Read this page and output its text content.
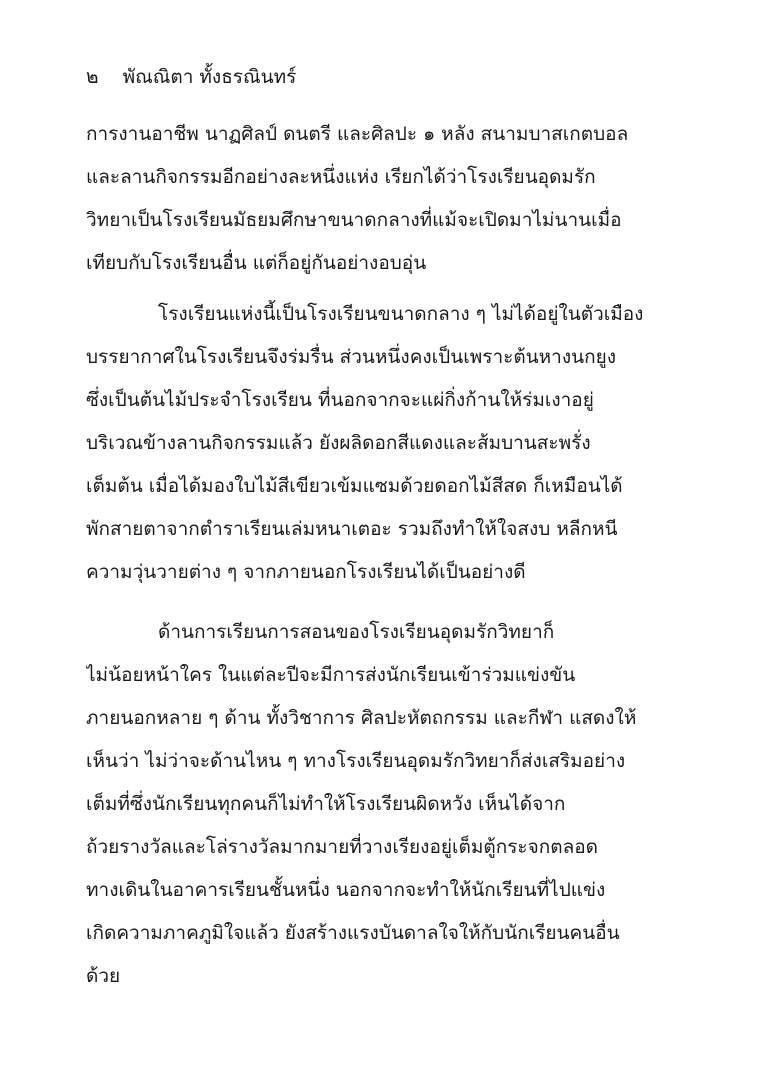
๒ พัณณิตา ทั้งธรณินทร์
การงานอาชีพ นาฏศิลป์ ดนตรี และศิลปะ ๑ หลัง สนามบาสเกตบอล
และลานกิจกรรมอีกอย่างละหนึ่งแห่ง เรียกได้ว่าโรงเรียนอุดมรัก
วิทยาเป็นโรงเรียนมัธยมศึกษาขนาดกลางที่แม้จะเปิดมาไม่นานเมื่อ
เทียบกับโรงเรียนอื่น แต่ก็อยู่กันอย่างอบอุ่น
โรงเรียนแห่งนี้เป็นโรงเรียนขนาดกลาง ๆ ไม่ได้อยู่ในตัวเมือง
บรรยากาศในโรงเรียนจึงร่มรื่น ส่วนหนึ่งคงเป็นเพราะต้นหางนกยูง
ซึ่งเป็นต้นไม้ประจำโรงเรียน ที่นอกจากจะแผ่กิ่งก้านให้ร่มเงาอยู่
บริเวณข้างลานกิจกรรมแล้ว ยังผลิดอกสีแดงและส้มบานสะพรั่ง
เต็มต้น เมื่อได้มองใบไม้สีเขียวเข้มแซมด้วยดอกไม้สีสด ก็เหมือนได้
พักสายตาจากตำราเรียนเล่มหนาเตอะ รวมถึงทำให้ใจสงบ หลีกหนี
ความวุ่นวายต่าง ๆ จากภายนอกโรงเรียนได้เป็นอย่างดี
ด้านการเรียนการสอนของโรงเรียนอุดมรักวิทยาก็
ไม่น้อยหน้าใคร ในแต่ละปีจะมีการส่งนักเรียนเข้าร่วมแข่งขัน
ภายนอกหลาย ๆ ด้าน ทั้งวิชาการ ศิลปะหัตถกรรม และกีฬา แสดงให้
เห็นว่า ไม่ว่าจะด้านไหน ๆ ทางโรงเรียนอุดมรักวิทยาก็ส่งเสริมอย่าง
เต็มที่ซึ่งนักเรียนทุกคนก็ไม่ทำให้โรงเรียนผิดหวัง เห็นได้จาก
ถ้วยรางวัลและโล่รางวัลมากมายที่วางเรียงอยู่เต็มตู้กระจกตลอด
ทางเดินในอาคารเรียนชั้นหนึ่ง นอกจากจะทำให้นักเรียนที่ไปแข่ง
เกิดความภาคภูมิใจแล้ว ยังสร้างแรงบันดาลใจให้กับนักเรียนคนอื่น
ด้วย
